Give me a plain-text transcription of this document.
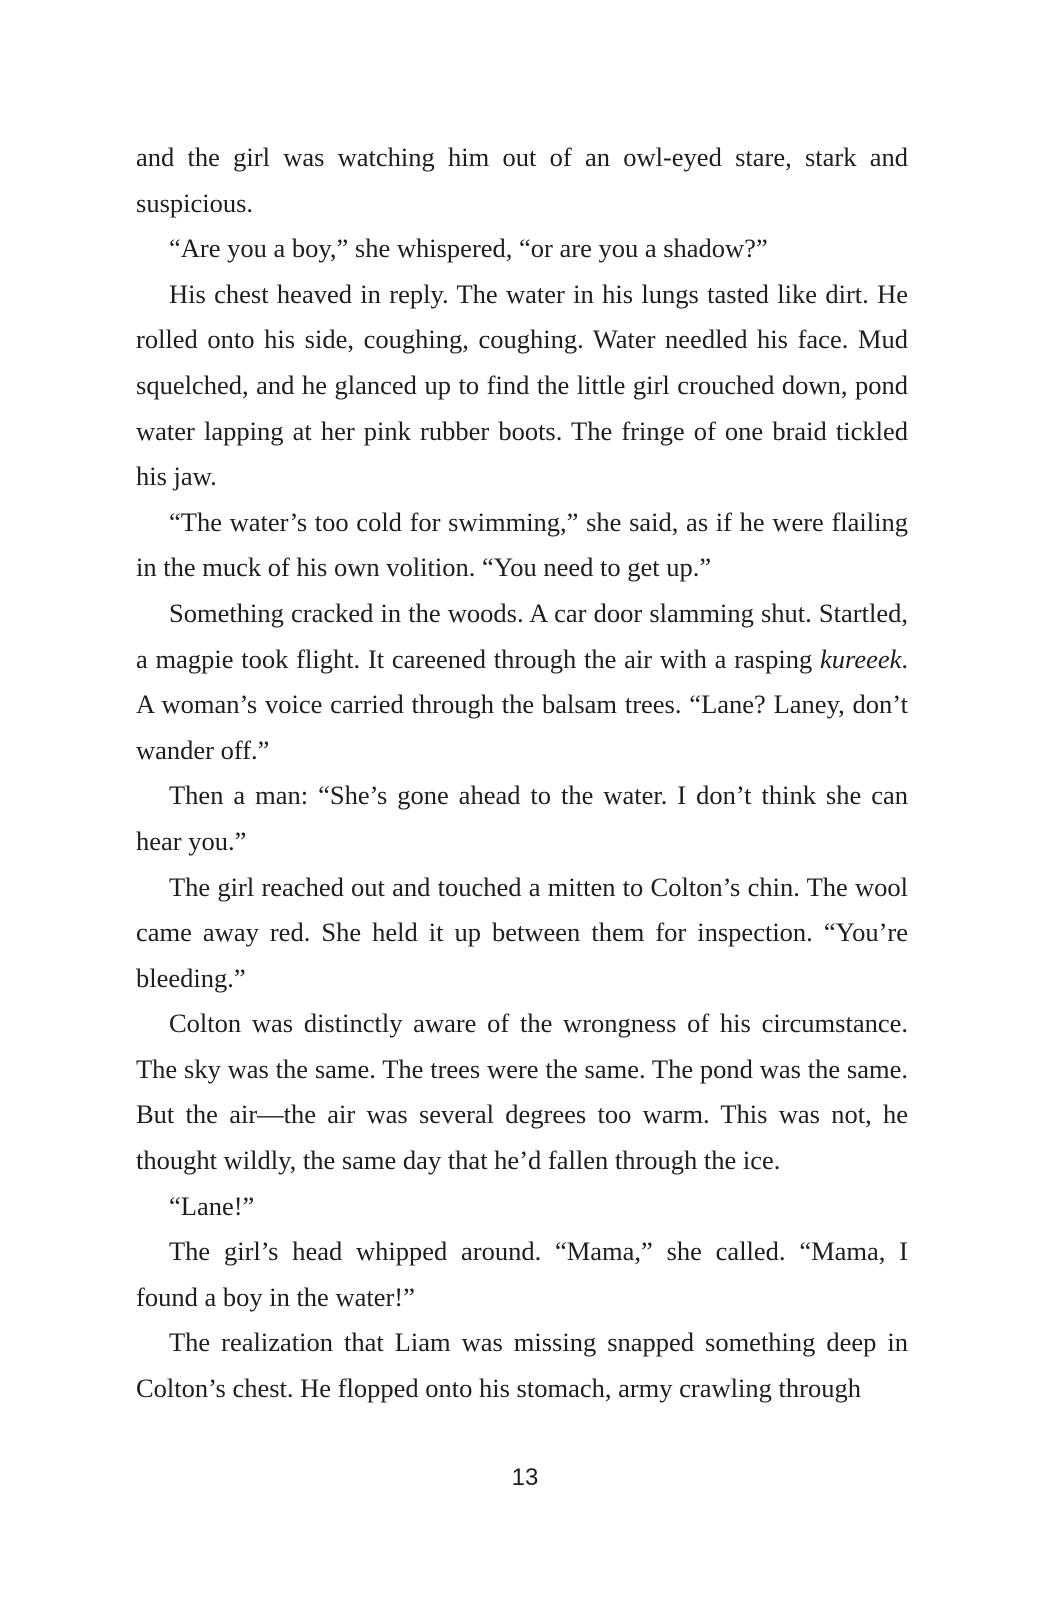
and the girl was watching him out of an owl-eyed stare, stark and suspicious.

“Are you a boy,” she whispered, “or are you a shadow?”

His chest heaved in reply. The water in his lungs tasted like dirt. He rolled onto his side, coughing, coughing. Water needled his face. Mud squelched, and he glanced up to find the little girl crouched down, pond water lapping at her pink rubber boots. The fringe of one braid tickled his jaw.

“The water’s too cold for swimming,” she said, as if he were flailing in the muck of his own volition. “You need to get up.”

Something cracked in the woods. A car door slamming shut. Startled, a magpie took flight. It careened through the air with a rasping kureeek. A woman’s voice carried through the balsam trees. “Lane? Laney, don’t wander off.”

Then a man: “She’s gone ahead to the water. I don’t think she can hear you.”

The girl reached out and touched a mitten to Colton’s chin. The wool came away red. She held it up between them for inspection. “You’re bleeding.”

Colton was distinctly aware of the wrongness of his circumstance. The sky was the same. The trees were the same. The pond was the same. But the air—the air was several degrees too warm. This was not, he thought wildly, the same day that he’d fallen through the ice.

“Lane!”

The girl’s head whipped around. “Mama,” she called. “Mama, I found a boy in the water!”

The realization that Liam was missing snapped something deep in Colton’s chest. He flopped onto his stomach, army crawling through

13
